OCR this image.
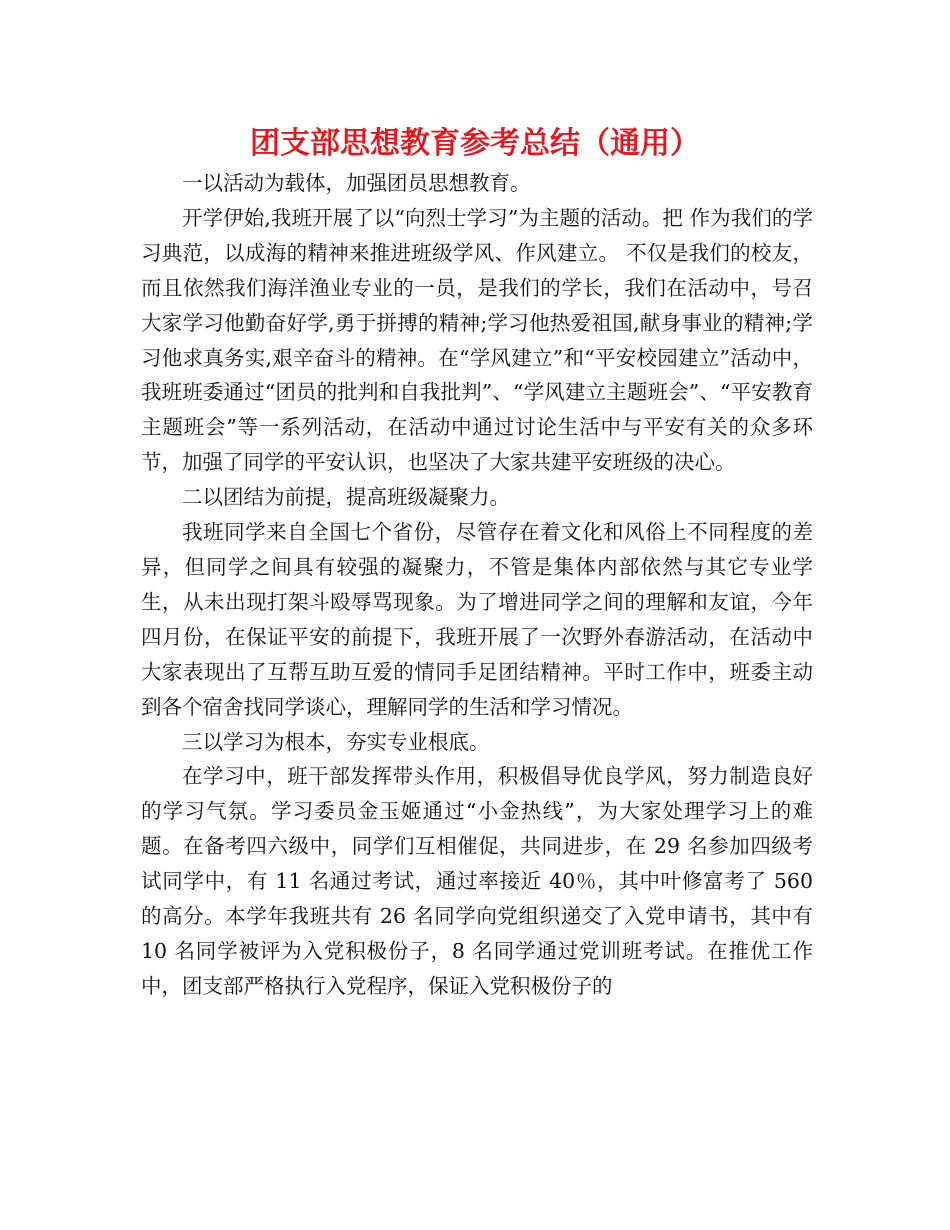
团支部思想教育参考总结（通用）

一以活动为载体，加强团员思想教育。

开学伊始,我班开展了以“向烈士学习”为主题的活动。把 作为我们的学习典范，以成海的精神来推进班级学风、作风建立。 不仅是我们的校友，而且依然我们海洋渔业专业的一员，是我们的学长，我们在活动中，号召大家学习他勤奋好学,勇于拼搏的精神;学习他热爱祖国,献身事业的精神;学习他求真务实,艰辛奋斗的精神。在“学风建立”和“平安校园建立”活动中，我班班委通过“团员的批判和自我批判”、“学风建立主题班会”、“平安教育主题班会”等一系列活动，在活动中通过讨论生活中与平安有关的众多环节，加强了同学的平安认识，也坚决了大家共建平安班级的决心。

二以团结为前提，提高班级凝聚力。

我班同学来自全国七个省份，尽管存在着文化和风俗上不同程度的差异，但同学之间具有较强的凝聚力，不管是集体内部依然与其它专业学生，从未出现打架斗殴辱骂现象。为了增进同学之间的理解和友谊，今年四月份，在保证平安的前提下，我班开展了一次野外春游活动，在活动中大家表现出了互帮互助互爱的情同手足团结精神。平时工作中，班委主动到各个宿舍找同学谈心，理解同学的生活和学习情况。

三以学习为根本，夯实专业根底。

在学习中，班干部发挥带头作用，积极倡导优良学风，努力制造良好的学习气氛。学习委员金玉姬通过“小金热线”，为大家处理学习上的难题。在备考四六级中，同学们互相催促，共同进步，在 29 名参加四级考试同学中，有 11 名通过考试，通过率接近 40％，其中叶修富考了 560 的高分。本学年我班共有 26 名同学向党组织递交了入党申请书，其中有 10 名同学被评为入党积极份子，8 名同学通过党训班考试。在推优工作中，团支部严格执行入党程序，保证入党积极份子的
